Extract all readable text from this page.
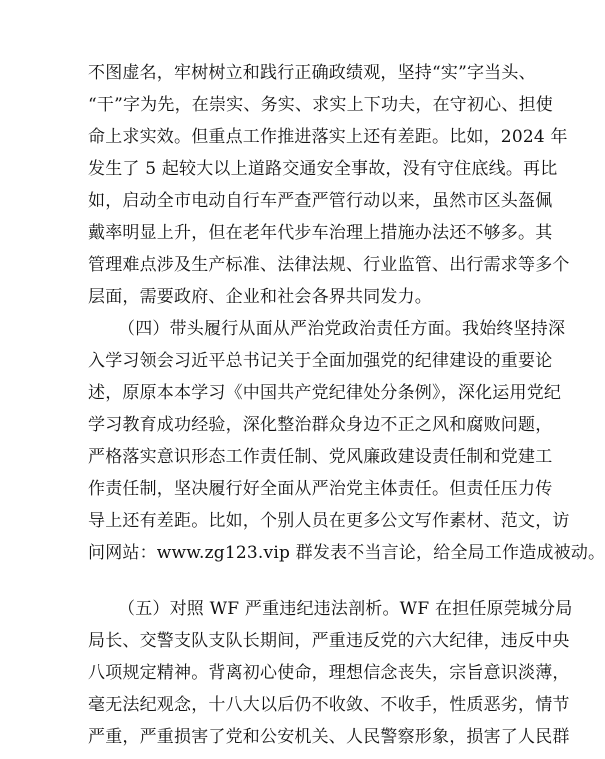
不图虚名，牢树树立和践行正确政绩观，坚持“实”字当头、
“干”字为先，在崇实、务实、求实上下功夫，在守初心、担使
命上求实效。但重点工作推进落实上还有差距。比如，2024 年
发生了 5 起较大以上道路交通安全事故，没有守住底线。再比
如，启动全市电动自行车严查严管行动以来，虽然市区头盔佩
戴率明显上升，但在老年代步车治理上措施办法还不够多。其
管理难点涉及生产标准、法律法规、行业监管、出行需求等多个
层面，需要政府、企业和社会各界共同发力。
（四）带头履行从面从严治党政治责任方面。我始终坚持深
入学习领会习近平总书记关于全面加强党的纪律建设的重要论
述，原原本本学习《中国共产党纪律处分条例》，深化运用党纪
学习教育成功经验，深化整治群众身边不正之风和腐败问题，
严格落实意识形态工作责任制、党风廉政建设责任制和党建工
作责任制，坚决履行好全面从严治党主体责任。但责任压力传
导上还有差距。比如，个别人员在更多公文写作素材、范文，访
问网站：www.zg123.vip 群发表不当言论，给全局工作造成被动。
（五）对照 WF 严重违纪违法剖析。WF 在担任原莞城分局
局长、交警支队支队长期间，严重违反党的六大纪律，违反中央
八项规定精神。背离初心使命，理想信念丧失，宗旨意识淡薄，
毫无法纪观念，十八大以后仍不收敛、不收手，性质恶劣，情节
严重，严重损害了党和公安机关、人民警察形象，损害了人民群
